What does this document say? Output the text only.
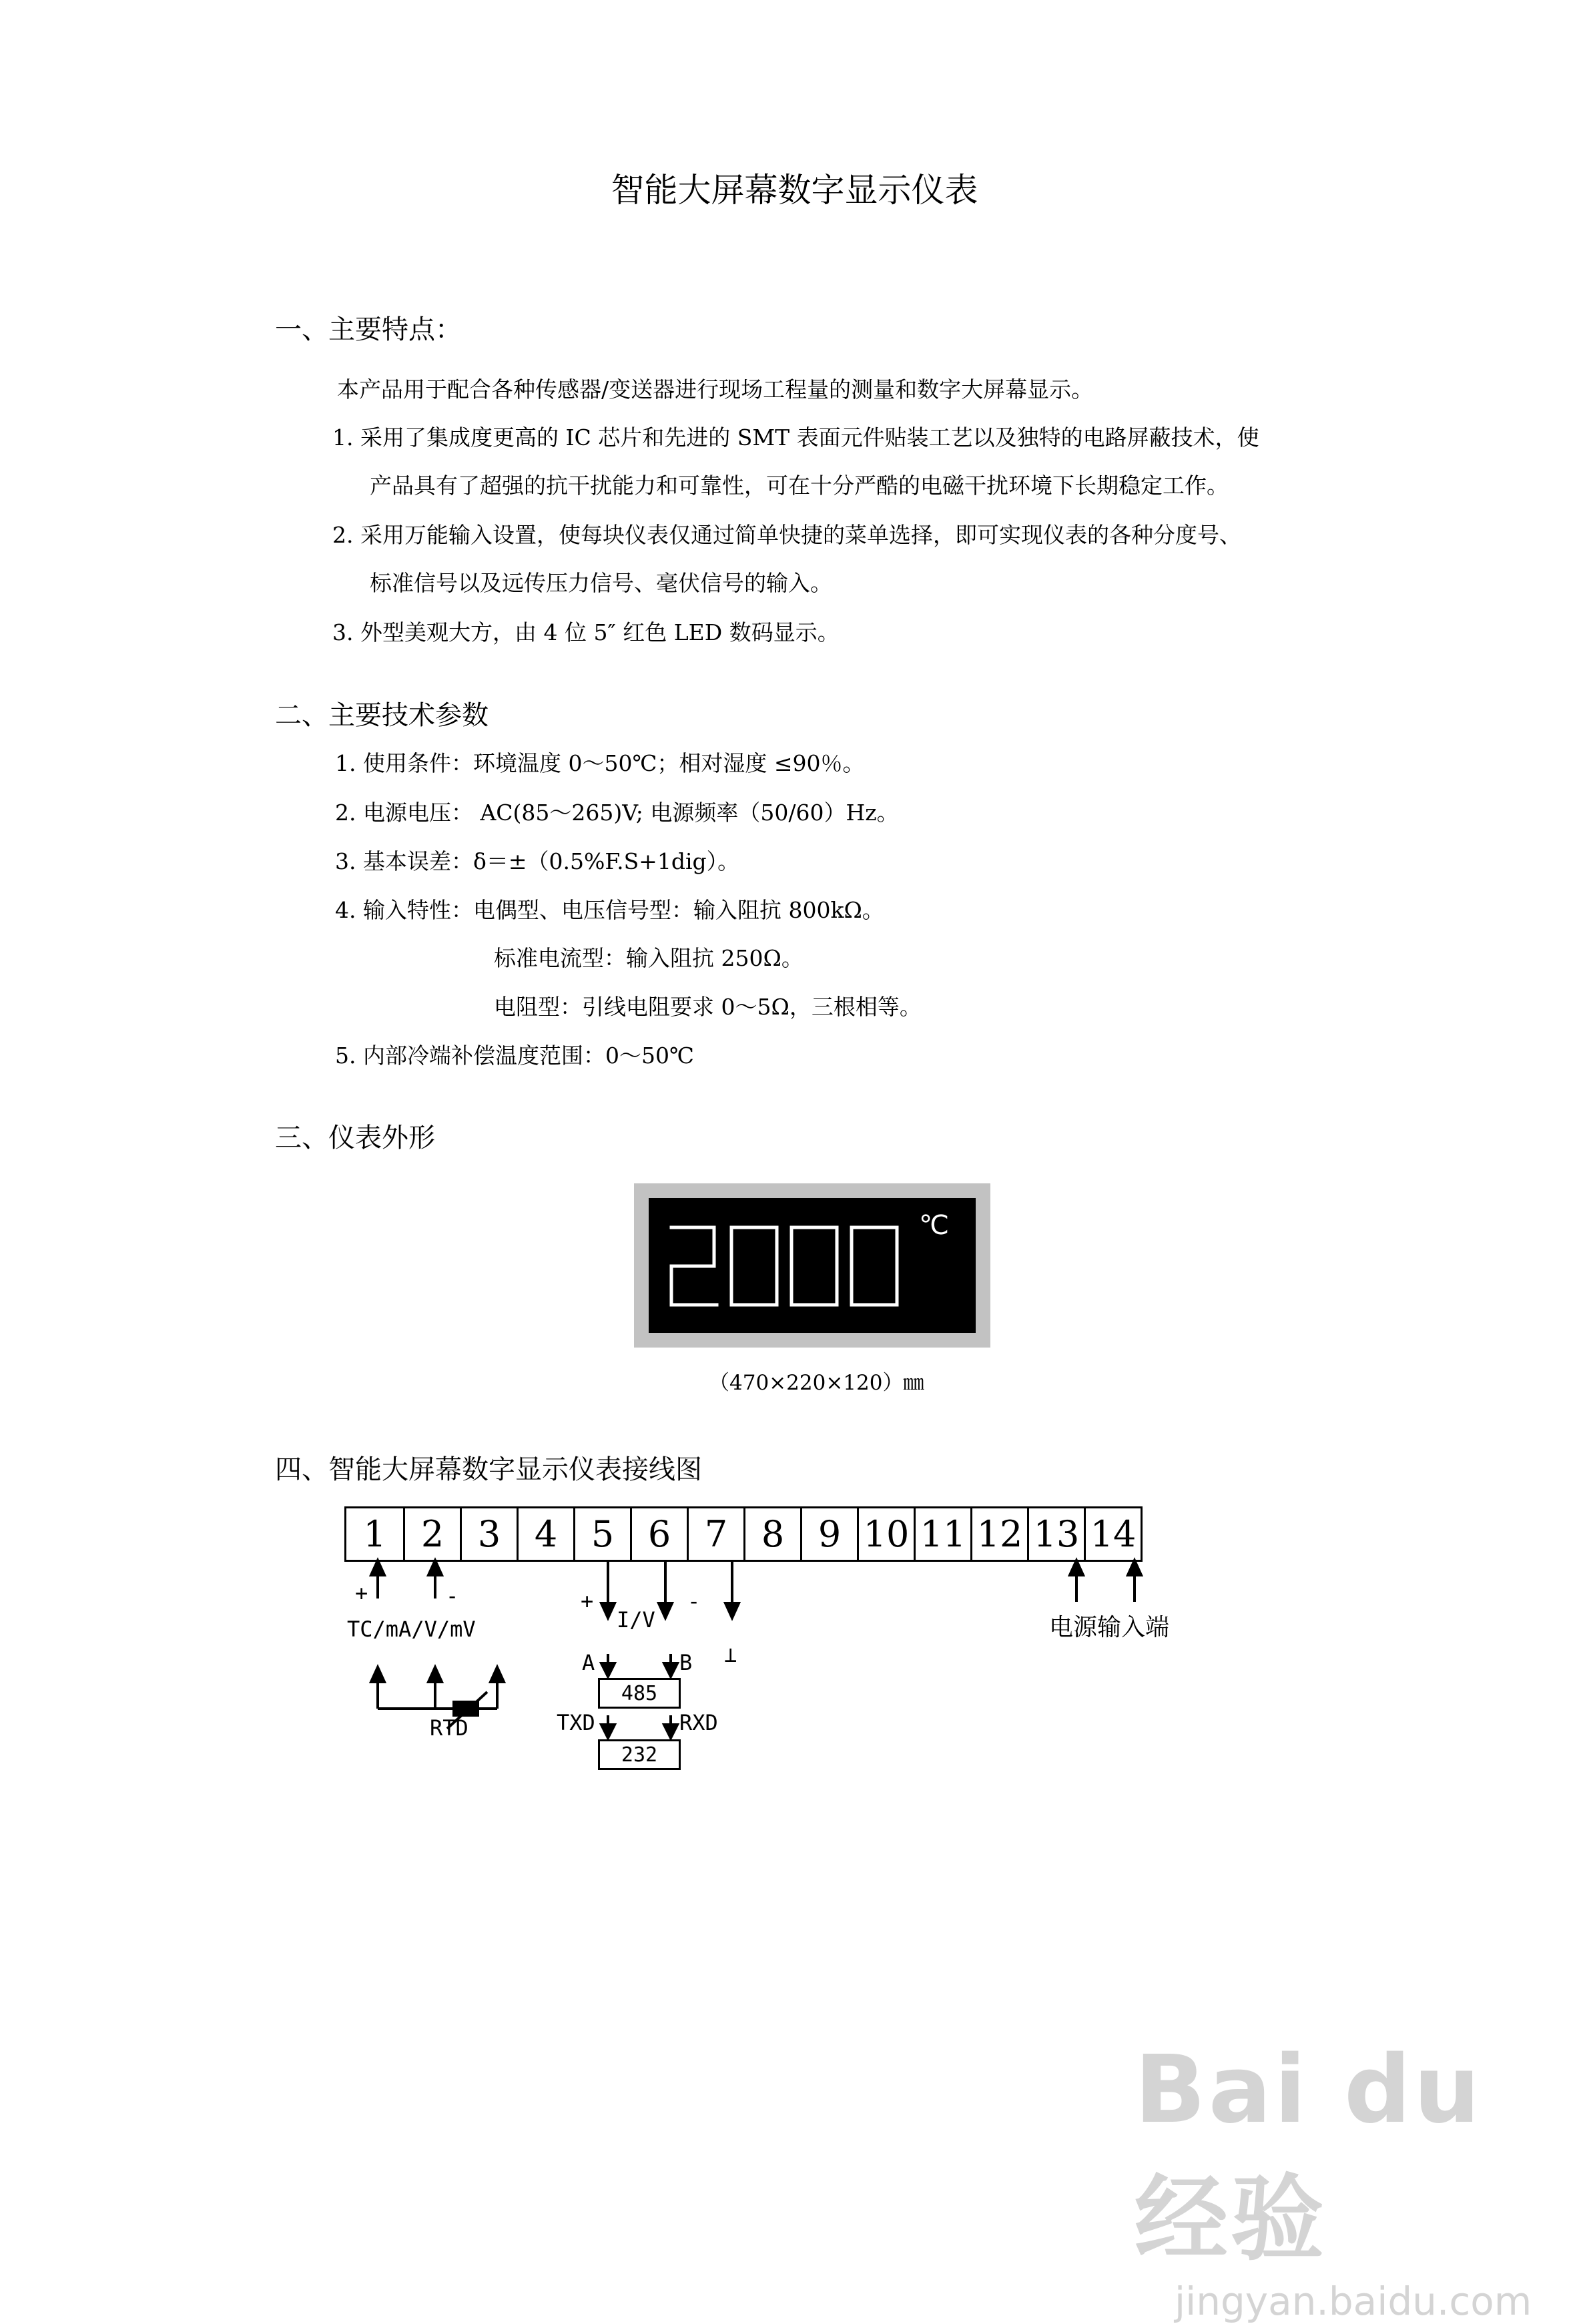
智能大屏幕数字显示仪表
一、主要特点：
本产品用于配合各种传感器/变送器进行现场工程量的测量和数字大屏幕显示。
1. 采用了集成度更高的 IC 芯片和先进的 SMT 表面元件贴装工艺以及独特的电路屏蔽技术，使
产品具有了超强的抗干扰能力和可靠性，可在十分严酷的电磁干扰环境下长期稳定工作。
2. 采用万能输入设置，使每块仪表仅通过简单快捷的菜单选择，即可实现仪表的各种分度号、
标准信号以及远传压力信号、毫伏信号的输入。
3. 外型美观大方，由 4 位 5″ 红色 LED 数码显示。
二、主要技术参数
1. 使用条件：环境温度 0～50℃；相对湿度 ≤90％。
2. 电源电压： AC(85～265)V; 电源频率（50/60）Hz。
3. 基本误差：δ＝±（0.5%F.S+1dig）。
4. 输入特性：电偶型、电压信号型：输入阻抗 800kΩ。
标准电流型：输入阻抗 250Ω。
电阻型：引线电阻要求 0～5Ω，三根相等。
5. 内部冷端补偿温度范围：0～50℃
三、仪表外形
℃
（470×220×120）㎜
四、智能大屏幕数字显示仪表接线图
1 2 3 4 5 6 7 8 9 10 11 12 13 14
+	-
TC/mA/V/mV
RTD
+	-
I/V
⊥
A	B
485
TXD	RXD
232
电源输入端
Bai du 经验
jingyan.baidu.com
